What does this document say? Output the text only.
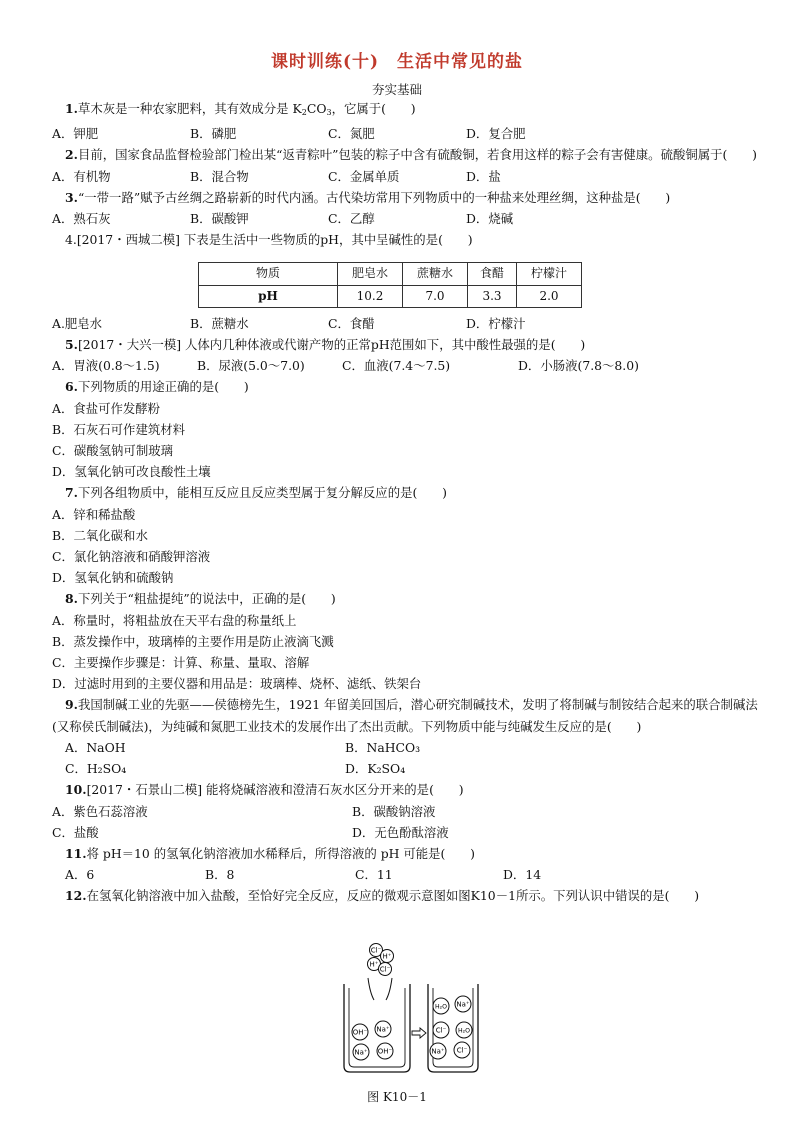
课时训练(十)　生活中常见的盐
夯实基础
1.草木灰是一种农家肥料，其有效成分是 $K_2CO_3$，它属于(　　)
A．钾肥	B．磷肥	C．氮肥	D．复合肥
2.目前，国家食品监督检验部门检出某“返青粽叶”包装的粽子中含有硫酸铜，若食用这样的粽子会有害健康。硫酸铜属于(　　)
A．有机物	B．混合物	C．金属单质	D．盐
3.“一带一路”赋予古丝绸之路崭新的时代内涵。古代染坊常用下列物质中的一种盐来处理丝绸，这种盐是(　　)
A．熟石灰	B．碳酸钾	C．乙醇	D．烧碱
4.[2017・西城二模] 下表是生活中一些物质的pH，其中呈碱性的是(　　)
物质	肥皂水	蔗糖水	食醋	柠檬汁
pH	10.2	7.0	3.3	2.0
A.肥皂水	B．蔗糖水	C．食醋	D．柠檬汁
5.[2017・大兴一模] 人体内几种体液或代谢产物的正常pH范围如下，其中酸性最强的是(　　)
A．胃液(0.8～1.5)	B．尿液(5.0～7.0)	C．血液(7.4～7.5)	D．小肠液(7.8～8.0)
6.下列物质的用途正确的是(　　)
A．食盐可作发酵粉
B．石灰石可作建筑材料
C．碳酸氢钠可制玻璃
D．氢氧化钠可改良酸性土壤
7.下列各组物质中，能相互反应且反应类型属于复分解反应的是(　　)
A．锌和稀盐酸
B．二氧化碳和水
C．氯化钠溶液和硝酸钾溶液
D．氢氧化钠和硫酸钠
8.下列关于“粗盐提纯”的说法中，正确的是(　　)
A．称量时，将粗盐放在天平右盘的称量纸上
B．蒸发操作中，玻璃棒的主要作用是防止液滴飞溅
C．主要操作步骤是：计算、称量、量取、溶解
D．过滤时用到的主要仪器和用品是：玻璃棒、烧杯、滤纸、铁架台
9.我国制碱工业的先驱——侯德榜先生，1921 年留美回国后，潜心研究制碱技术，发明了将制碱与制铵结合起来的联合制碱法(又称侯氏制碱法)，为纯碱和氮肥工业技术的发展作出了杰出贡献。下列物质中能与纯碱发生反应的是(　　)
A．NaOH	B．NaHCO₃
C．H₂SO₄	D．K₂SO₄
10.[2017・石景山二模] 能将烧碱溶液和澄清石灰水区分开来的是(　　)
A．紫色石蕊溶液	B．碳酸钠溶液
C．盐酸	D．无色酚酞溶液
11.将 pH＝10 的氢氧化钠溶液加水稀释后，所得溶液的 pH 可能是(　　)
A．6	B．8	C．11	D．14
12.在氢氧化钠溶液中加入盐酸，至恰好完全反应，反应的微观示意图如图K10－1所示。下列认识中错误的是(　　)
Cl⁻
H⁺
H⁺
Cl⁻
OH⁻ Na⁺
Na⁺ OH⁻
H₂O Na⁺
Cl⁻ H₂O
Na⁺ Cl⁻
图 K10－1
